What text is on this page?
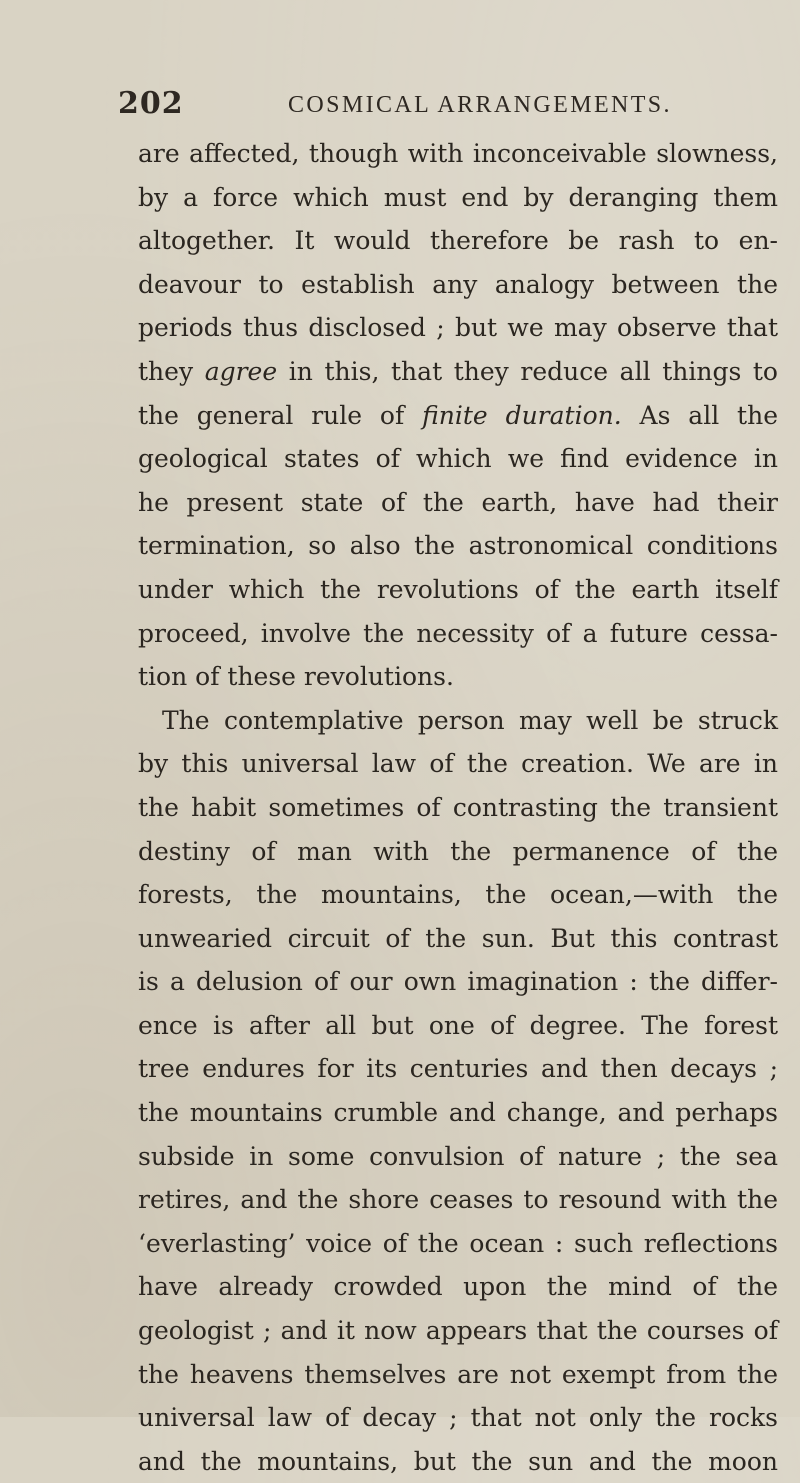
202	COSMICAL ARRANGEMENTS.
are affected, though with inconceivable slowness,
by a force which must end by deranging them
altogether. It would therefore be rash to en-
deavour to establish any analogy between the
periods thus disclosed ; but we may observe that
they agree in this, that they reduce all things to
the general rule of finite duration. As all the
geological states of which we find evidence in
he present state of the earth, have had their
termination, so also the astronomical conditions
under which the revolutions of the earth itself
proceed, involve the necessity of a future cessa-
tion of these revolutions.
The contemplative person may well be struck
by this universal law of the creation. We are in
the habit sometimes of contrasting the transient
destiny of man with the permanence of the
forests, the mountains, the ocean,—with the
unwearied circuit of the sun. But this contrast
is a delusion of our own imagination : the differ-
ence is after all but one of degree. The forest
tree endures for its centuries and then decays ;
the mountains crumble and change, and perhaps
subside in some convulsion of nature ; the sea
retires, and the shore ceases to resound with the
‘everlasting’ voice of the ocean : such reflections
have already crowded upon the mind of the
geologist ; and it now appears that the courses of
the heavens themselves are not exempt from the
universal law of decay ; that not only the rocks
and the mountains, but the sun and the moon
